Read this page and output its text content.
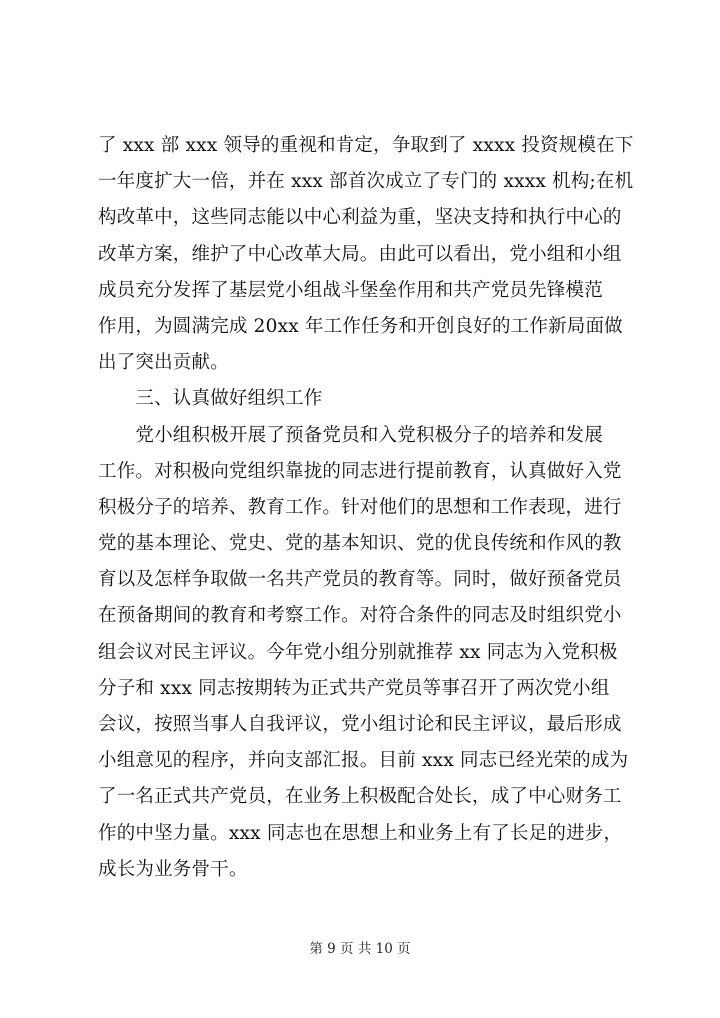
了 xxx 部 xxx 领导的重视和肯定，争取到了 xxxx 投资规模在下
一年度扩大一倍，并在 xxx 部首次成立了专门的 xxxx 机构;在机
构改革中，这些同志能以中心利益为重，坚决支持和执行中心的
改革方案，维护了中心改革大局。由此可以看出，党小组和小组
成员充分发挥了基层党小组战斗堡垒作用和共产党员先锋模范
作用，为圆满完成 20xx 年工作任务和开创良好的工作新局面做
出了突出贡献。
　　三、认真做好组织工作
　　党小组积极开展了预备党员和入党积极分子的培养和发展
工作。对积极向党组织靠拢的同志进行提前教育，认真做好入党
积极分子的培养、教育工作。针对他们的思想和工作表现，进行
党的基本理论、党史、党的基本知识、党的优良传统和作风的教
育以及怎样争取做一名共产党员的教育等。同时，做好预备党员
在预备期间的教育和考察工作。对符合条件的同志及时组织党小
组会议对民主评议。今年党小组分别就推荐 xx 同志为入党积极
分子和 xxx 同志按期转为正式共产党员等事召开了两次党小组
会议，按照当事人自我评议，党小组讨论和民主评议，最后形成
小组意见的程序，并向支部汇报。目前 xxx 同志已经光荣的成为
了一名正式共产党员，在业务上积极配合处长，成了中心财务工
作的中坚力量。xxx 同志也在思想上和业务上有了长足的进步，
成长为业务骨干。
第 9 页 共 10 页
